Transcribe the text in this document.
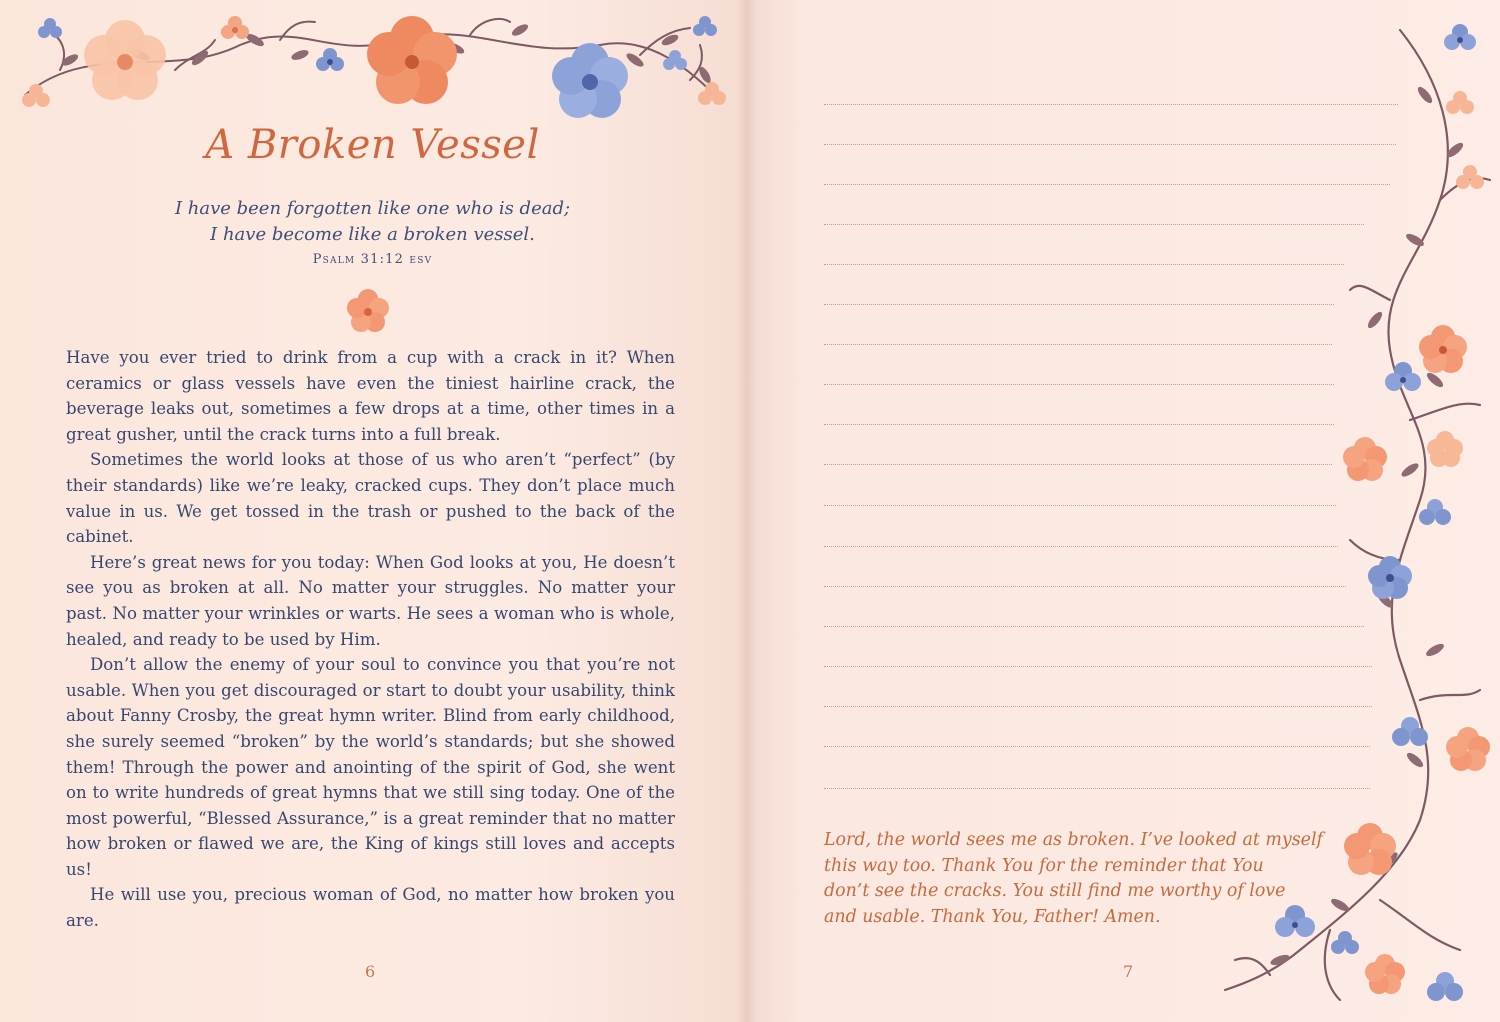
A Broken Vessel
I have been forgotten like one who is dead;
I have become like a broken vessel.
Psalm 31:12 esv

Have you ever tried to drink from a cup with a crack in it? When ceramics or glass vessels have even the tiniest hairline crack, the beverage leaks out, sometimes a few drops at a time, other times in a great gusher, until the crack turns into a full break.

Sometimes the world looks at those of us who aren’t “perfect” (by their standards) like we’re leaky, cracked cups. They don’t place much value in us. We get tossed in the trash or pushed to the back of the cabinet.

Here’s great news for you today: When God looks at you, He doesn’t see you as broken at all. No matter your struggles. No matter your past. No matter your wrinkles or warts. He sees a woman who is whole, healed, and ready to be used by Him.

Don’t allow the enemy of your soul to convince you that you’re not usable. When you get discouraged or start to doubt your usability, think about Fanny Crosby, the great hymn writer. Blind from early childhood, she surely seemed “broken” by the world’s standards; but she showed them! Through the power and anointing of the spirit of God, she went on to write hundreds of great hymns that we still sing today. One of the most powerful, “Blessed Assurance,” is a great reminder that no matter how broken or flawed we are, the King of kings still loves and accepts us!

He will use you, precious woman of God, no matter how broken you are.

6
Lord, the world sees me as broken. I’ve looked at myself
this way too. Thank You for the reminder that You
don’t see the cracks. You still find me worthy of love
and usable. Thank You, Father! Amen.
7
